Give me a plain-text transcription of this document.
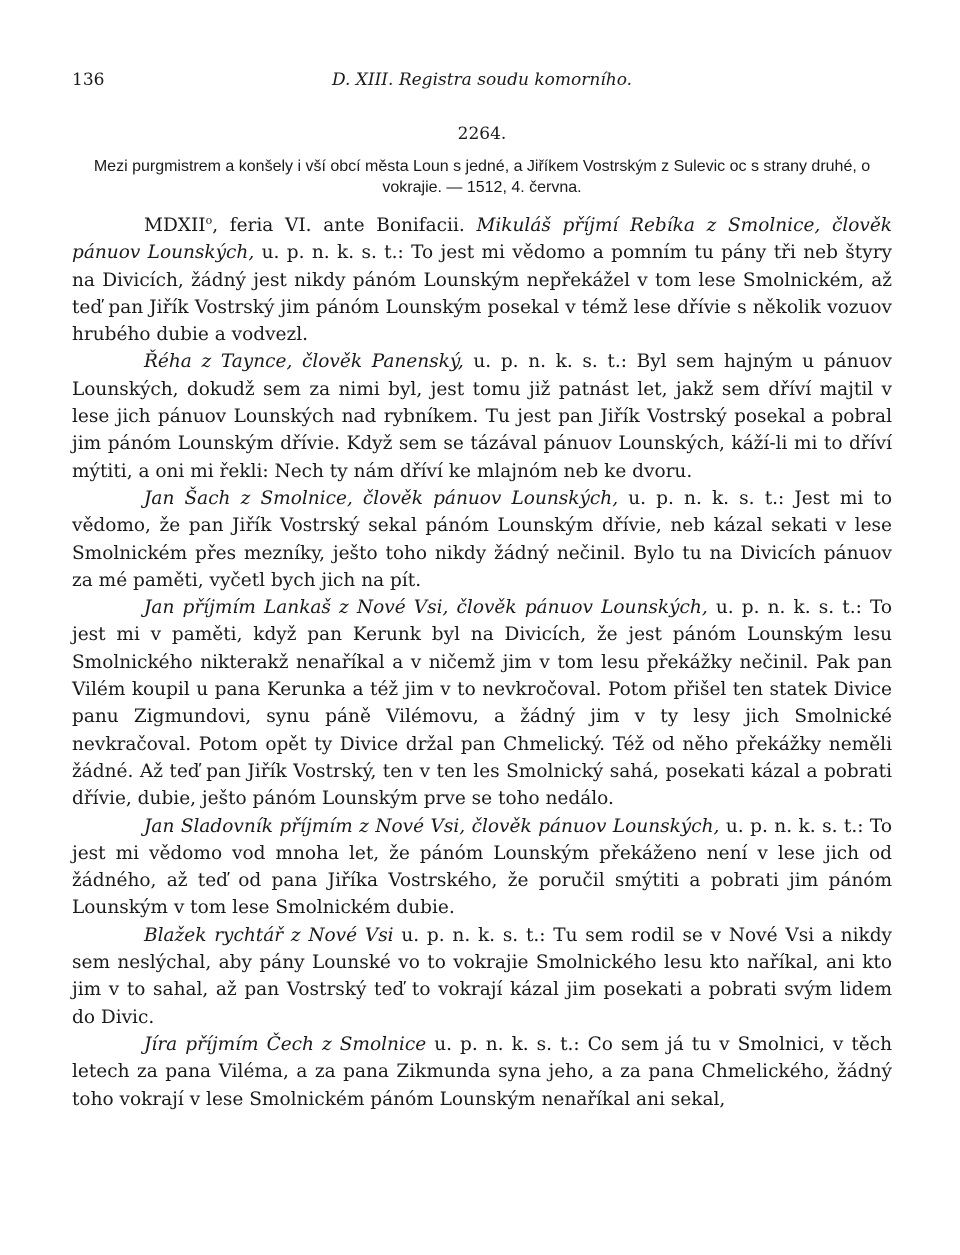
136	D. XIII. Registra soudu komorního.
2264.
Mezi purgmistrem a konšely i vší obcí města Loun s jedné, a Jiříkem Vostrským z Sulevic oc s strany druhé, o vokrajie. — 1512, 4. června.

MDXII$^o$, feria VI. ante Bonifacii. Mikuláš příjmí Rebíka z Smolnice, člověk pánuov Lounských, u. p. n. k. s. t.: To jest mi vědomo a pomním tu pány tři neb štyry na Divicích, žádný jest nikdy pánóm Lounským nepřekážel v tom lese Smolnickém, až teď pan Jiřík Vostrský jim pánóm Lounským posekal v témž lese dřívie s několik vozuov hrubého dubie a vodvezl.

Řéha z Taynce, člověk Panenský, u. p. n. k. s. t.: Byl sem hajným u pánuov Lounských, dokudž sem za nimi byl, jest tomu již patnást let, jakž sem dříví majtil v lese jich pánuov Lounských nad rybníkem. Tu jest pan Jiřík Vostrský posekal a pobral jim pánóm Lounským dřívie. Když sem se tázával pánuov Lounských, káží-li mi to dříví mýtiti, a oni mi řekli: Nech ty nám dříví ke mlajnóm neb ke dvoru.

Jan Šach z Smolnice, člověk pánuov Lounských, u. p. n. k. s. t.: Jest mi to vědomo, že pan Jiřík Vostrský sekal pánóm Lounským dřívie, neb kázal sekati v lese Smolnickém přes mezníky, ješto toho nikdy žádný nečinil. Bylo tu na Divicích pánuov za mé paměti, vyčetl bych jich na pít.

Jan příjmím Lankaš z Nové Vsi, člověk pánuov Lounských, u. p. n. k. s. t.: To jest mi v paměti, když pan Kerunk byl na Divicích, že jest pánóm Lounským lesu Smolnického nikterakž nenaříkal a v ničemž jim v tom lesu překážky nečinil. Pak pan Vilém koupil u pana Kerunka a též jim v to nevkročoval. Potom přišel ten statek Divice panu Zigmundovi, synu páně Vilémovu, a žádný jim v ty lesy jich Smolnické nevkračoval. Potom opět ty Divice držal pan Chmelický. Též od něho překážky neměli žádné. Až teď pan Jiřík Vostrský, ten v ten les Smolnický sahá, posekati kázal a pobrati dřívie, dubie, ješto pánóm Lounským prve se toho nedálo.

Jan Sladovník příjmím z Nové Vsi, člověk pánuov Lounských, u. p. n. k. s. t.: To jest mi vědomo vod mnoha let, že pánóm Lounským překáženo není v lese jich od žádného, až teď od pana Jiříka Vostrského, že poručil smýtiti a pobrati jim pánóm Lounským v tom lese Smolnickém dubie.

Blažek rychtář z Nové Vsi u. p. n. k. s. t.: Tu sem rodil se v Nové Vsi a nikdy sem neslýchal, aby pány Lounské vo to vokrajie Smolnického lesu kto naříkal, ani kto jim v to sahal, až pan Vostrský teď to vokrají kázal jim posekati a pobrati svým lidem do Divic.

Jíra příjmím Čech z Smolnice u. p. n. k. s. t.: Co sem já tu v Smolnici, v těch letech za pana Viléma, a za pana Zikmunda syna jeho, a za pana Chmelického, žádný toho vokrají v lese Smolnickém pánóm Lounským nenaříkal ani sekal,
